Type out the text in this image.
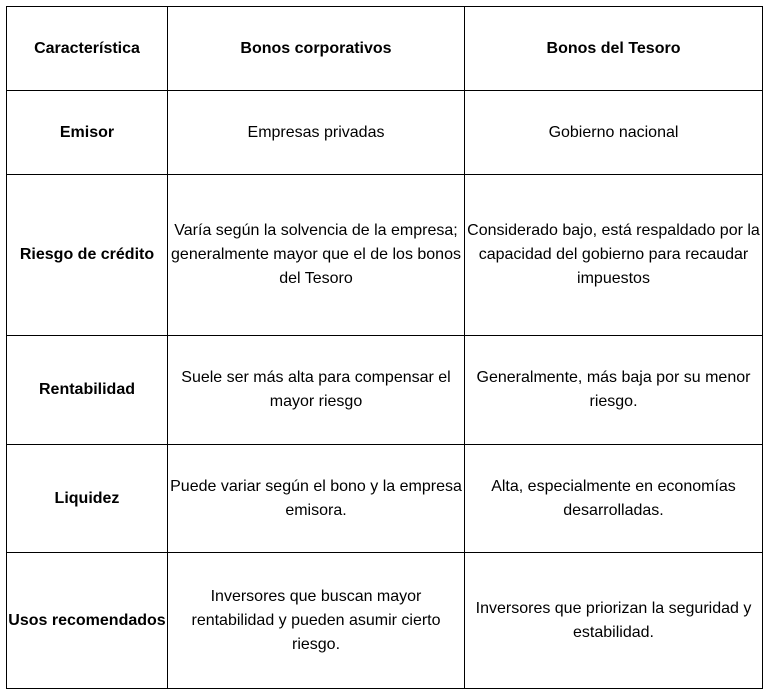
Característica	Bonos corporativos	Bonos del Tesoro
Emisor	Empresas privadas	Gobierno nacional
Riesgo de crédito	Varía según la solvencia de la empresa; generalmente mayor que el de los bonos del Tesoro	Considerado bajo, está respaldado por la capacidad del gobierno para recaudar impuestos
Rentabilidad	Suele ser más alta para compensar el mayor riesgo	Generalmente, más baja por su menor riesgo.
Liquidez	Puede variar según el bono y la empresa emisora.	Alta, especialmente en economías desarrolladas.
Usos recomendados	Inversores que buscan mayor rentabilidad y pueden asumir cierto riesgo.	Inversores que priorizan la seguridad y estabilidad.
